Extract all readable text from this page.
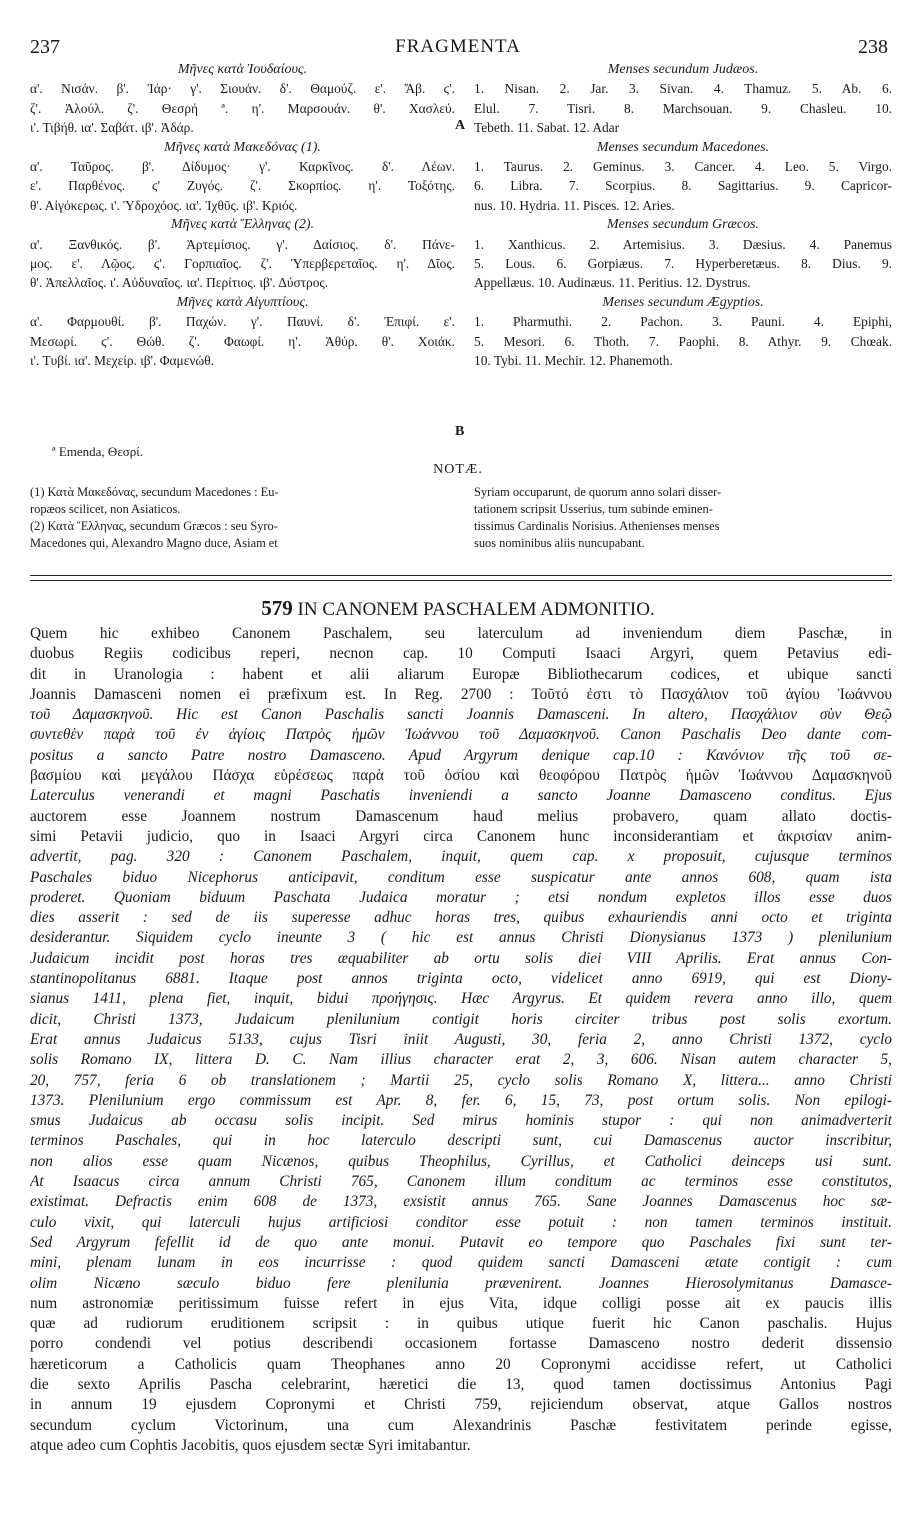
237	FRAGMENTA	238
Μῆνες κατὰ Ἰουδαίους.
α'. Νισάν. β'. Ἰάρ· γ'. Σιουάν. δ'. Θαμούζ. ε'. Ἄβ. ϛ'.
ζ'. Ἀλούλ. ζ'. Θεσρή ª. η'. Μαρσουάν. θ'. Χασλεύ.
ι'. Τιβήθ. ια'. Σαβάτ. ιβ'. Ἀδάρ.
Μῆνες κατὰ Μακεδόνας (1).
α'. Ταῦρος. β'. Δίδυμος· γ'. Καρκῖνος. δ'. Λέων.
ε'. Παρθένος. ϛ' Ζυγός. ζ'. Σκορπίος. η'. Τοξότης.
θ'. Αἰγόκερως. ι'. Ὑδροχόος. ια'. Ἰχθῦς. ιβ'. Κριός.
Μῆνες κατὰ Ἕλληνας (2).
α'. Ξανθικός. β'. Ἀρτεμίσιος. γ'. Δαίσιος. δ'. Πάνε-
μος. ε'. Λῷος. ϛ'. Γορπιαῖος. ζ'. Ὑπερβερεταῖος. η'. Δῖος.
θ'. Ἀπελλαῖος. ι'. Αὐδυναῖος. ια'. Περίτιος. ιβ'. Δύστρος.
Μῆνες κατὰ Αἰγυπτίους.
α'. Φαρμουθί. β'. Παχών. γ'. Παυνί. δ'. Ἐπιφί. ε'.
Μεσωρί. ϛ'. Θώθ. ζ'. Φαωφί. η'. Ἀθύρ. θ'. Χοιάκ.
ι'. Τυβί. ια'. Μεχείρ. ιβ'. Φαμενώθ.
Menses secundum Judæos.
1. Nisan. 2. Jar. 3. Sivan. 4. Thamuz. 5. Ab. 6.
Elul. 7. Tisri. 8. Marchsouan. 9. Chasleu. 10.
Tebeth. 11. Sabat. 12. Adar
Menses secundum Macedones.
1. Taurus. 2. Geminus. 3. Cancer. 4. Leo. 5. Virgo.
6. Libra. 7. Scorpius. 8. Sagittarius. 9. Capricor-
nus. 10. Hydria. 11. Pisces. 12. Aries.
Menses secundum Græcos.
1. Xanthicus. 2. Artemisius. 3. Dæsius. 4. Panemus
5. Lous. 6. Gorpiæus. 7. Hyperberetæus. 8. Dius. 9.
Appellæus. 10. Audinæus. 11. Peritius. 12. Dystrus.
Menses secundum Ægyptios.
1. Pharmuthi. 2. Pachon. 3. Pauni. 4. Epiphi,
5. Mesori. 6. Thoth. 7. Paophi. 8. Athyr. 9. Chœak.
10. Tybi. 11. Mechir. 12. Phanemoth.
A
B
ª Emenda, Θεσρί.
NOTÆ.
(1) Κατὰ Μακεδόνας, secundum Macedones : Eu-
ropæos scilicet, non Asiaticos.
(2) Κατὰ Ἕλληνας, secundum Græcos : seu Syro-
Macedones qui, Alexandro Magno duce, Asiam et
Syriam occuparunt, de quorum anno solari disser-
tationem scripsit Usserius, tum subinde eminen-
tissimus Cardinalis Norisius. Athenienses menses
suos nominibus aliis nuncupabant.
579 IN CANONEM PASCHALEM ADMONITIO.
Quem hic exhibeo Canonem Paschalem, seu laterculum ad inveniendum diem Paschæ, in
duobus Regiis codicibus reperi, necnon cap. 10 Computi Isaaci Argyri, quem Petavius edi-
dit in Uranologia : habent et alii aliarum Europæ Bibliothecarum codices, et ubique sancti
Joannis Damasceni nomen ei præfixum est. In Reg. 2700 : Τοῦτό ἐστι τὸ Πασχάλιον τοῦ ἁγίου Ἰωάννου
τοῦ Δαμασκηνοῦ. Hic est Canon Paschalis sancti Joannis Damasceni. In altero, Πασχάλιον σὺν Θεῷ
συντεθὲν παρὰ τοῦ ἐν ἁγίοις Πατρὸς ἡμῶν Ἰωάννου τοῦ Δαμασκηνοῦ. Canon Paschalis Deo dante com-
positus a sancto Patre nostro Damasceno. Apud Argyrum denique cap.10 : Κανόνιον τῆς τοῦ σε-
βασμίου καὶ μεγάλου Πάσχα εὑρέσεως παρὰ τοῦ ὁσίου καὶ θεοφόρου Πατρὸς ἡμῶν Ἰωάννου Δαμασκηνοῦ
Laterculus venerandi et magni Paschatis inveniendi a sancto Joanne Damasceno conditus. Ejus
auctorem esse Joannem nostrum Damascenum haud melius probavero, quam allato doctis-
simi Petavii judicio, quo in Isaaci Argyri circa Canonem hunc inconsiderantiam et ἀκρισίαν anim-
advertit, pag. 320 : Canonem Paschalem, inquit, quem cap. x proposuit, cujusque terminos
Paschales biduo Nicephorus anticipavit, conditum esse suspicatur ante annos 608, quam ista
proderet. Quoniam biduum Paschata Judaica moratur ; etsi nondum expletos illos esse duos
dies asserit : sed de iis superesse adhuc horas tres, quibus exhauriendis anni octo et triginta
desiderantur. Siquidem cyclo ineunte 3 ( hic est annus Christi Dionysianus 1373 ) plenilunium
Judaicum incidit post horas tres æquabiliter ab ortu solis diei VIII Aprilis. Erat annus Con-
stantinopolitanus 6881. Itaque post annos triginta octo, videlicet anno 6919, qui est Diony-
sianus 1411, plena fiet, inquit, bidui προήγησις. Hæc Argyrus. Et quidem revera anno illo, quem
dicit, Christi 1373, Judaicum plenilunium contigit horis circiter tribus post solis exortum.
Erat annus Judaicus 5133, cujus Tisri iniit Augusti, 30, feria 2, anno Christi 1372, cyclo
solis Romano IX, littera D. C. Nam illius character erat 2, 3, 606. Nisan autem character 5,
20, 757, feria 6 ob translationem ; Martii 25, cyclo solis Romano X, littera... anno Christi
1373. Plenilunium ergo commissum est Apr. 8, fer. 6, 15, 73, post ortum solis. Non epilogi-
smus Judaicus ab occasu solis incipit. Sed mirus hominis stupor : qui non animadverterit
terminos Paschales, qui in hoc laterculo descripti sunt, cui Damascenus auctor inscribitur,
non alios esse quam Nicænos, quibus Theophilus, Cyrillus, et Catholici deinceps usi sunt.
At Isaacus circa annum Christi 765, Canonem illum conditum ac terminos esse constitutos,
existimat. Defractis enim 608 de 1373, exsistit annus 765. Sane Joannes Damascenus hoc sæ-
culo vixit, qui laterculi hujus artificiosi conditor esse potuit : non tamen terminos instituit.
Sed Argyrum fefellit id de quo ante monui. Putavit eo tempore quo Paschales fixi sunt ter-
mini, plenam lunam in eos incurrisse : quod quidem sancti Damasceni ætate contigit : cum
olim Nicæno sæculo biduo fere plenilunia prævenirent. Joannes Hierosolymitanus Damasce-
num astronomiæ peritissimum fuisse refert in ejus Vita, idque colligi posse ait ex paucis illis
quæ ad rudiorum eruditionem scripsit : in quibus utique fuerit hic Canon paschalis. Hujus
porro condendi vel potius describendi occasionem fortasse Damasceno nostro dederit dissensio
hæreticorum a Catholicis quam Theophanes anno 20 Copronymi accidisse refert, ut Catholici
die sexto Aprilis Pascha celebrarint, hæretici die 13, quod tamen doctissimus Antonius Pagi
in annum 19 ejusdem Copronymi et Christi 759, rejiciendum observat, atque Gallos nostros
secundum cyclum Victorinum, una cum Alexandrinis Paschæ festivitatem perinde egisse,
atque adeo cum Cophtis Jacobitis, quos ejusdem sectæ Syri imitabantur.
